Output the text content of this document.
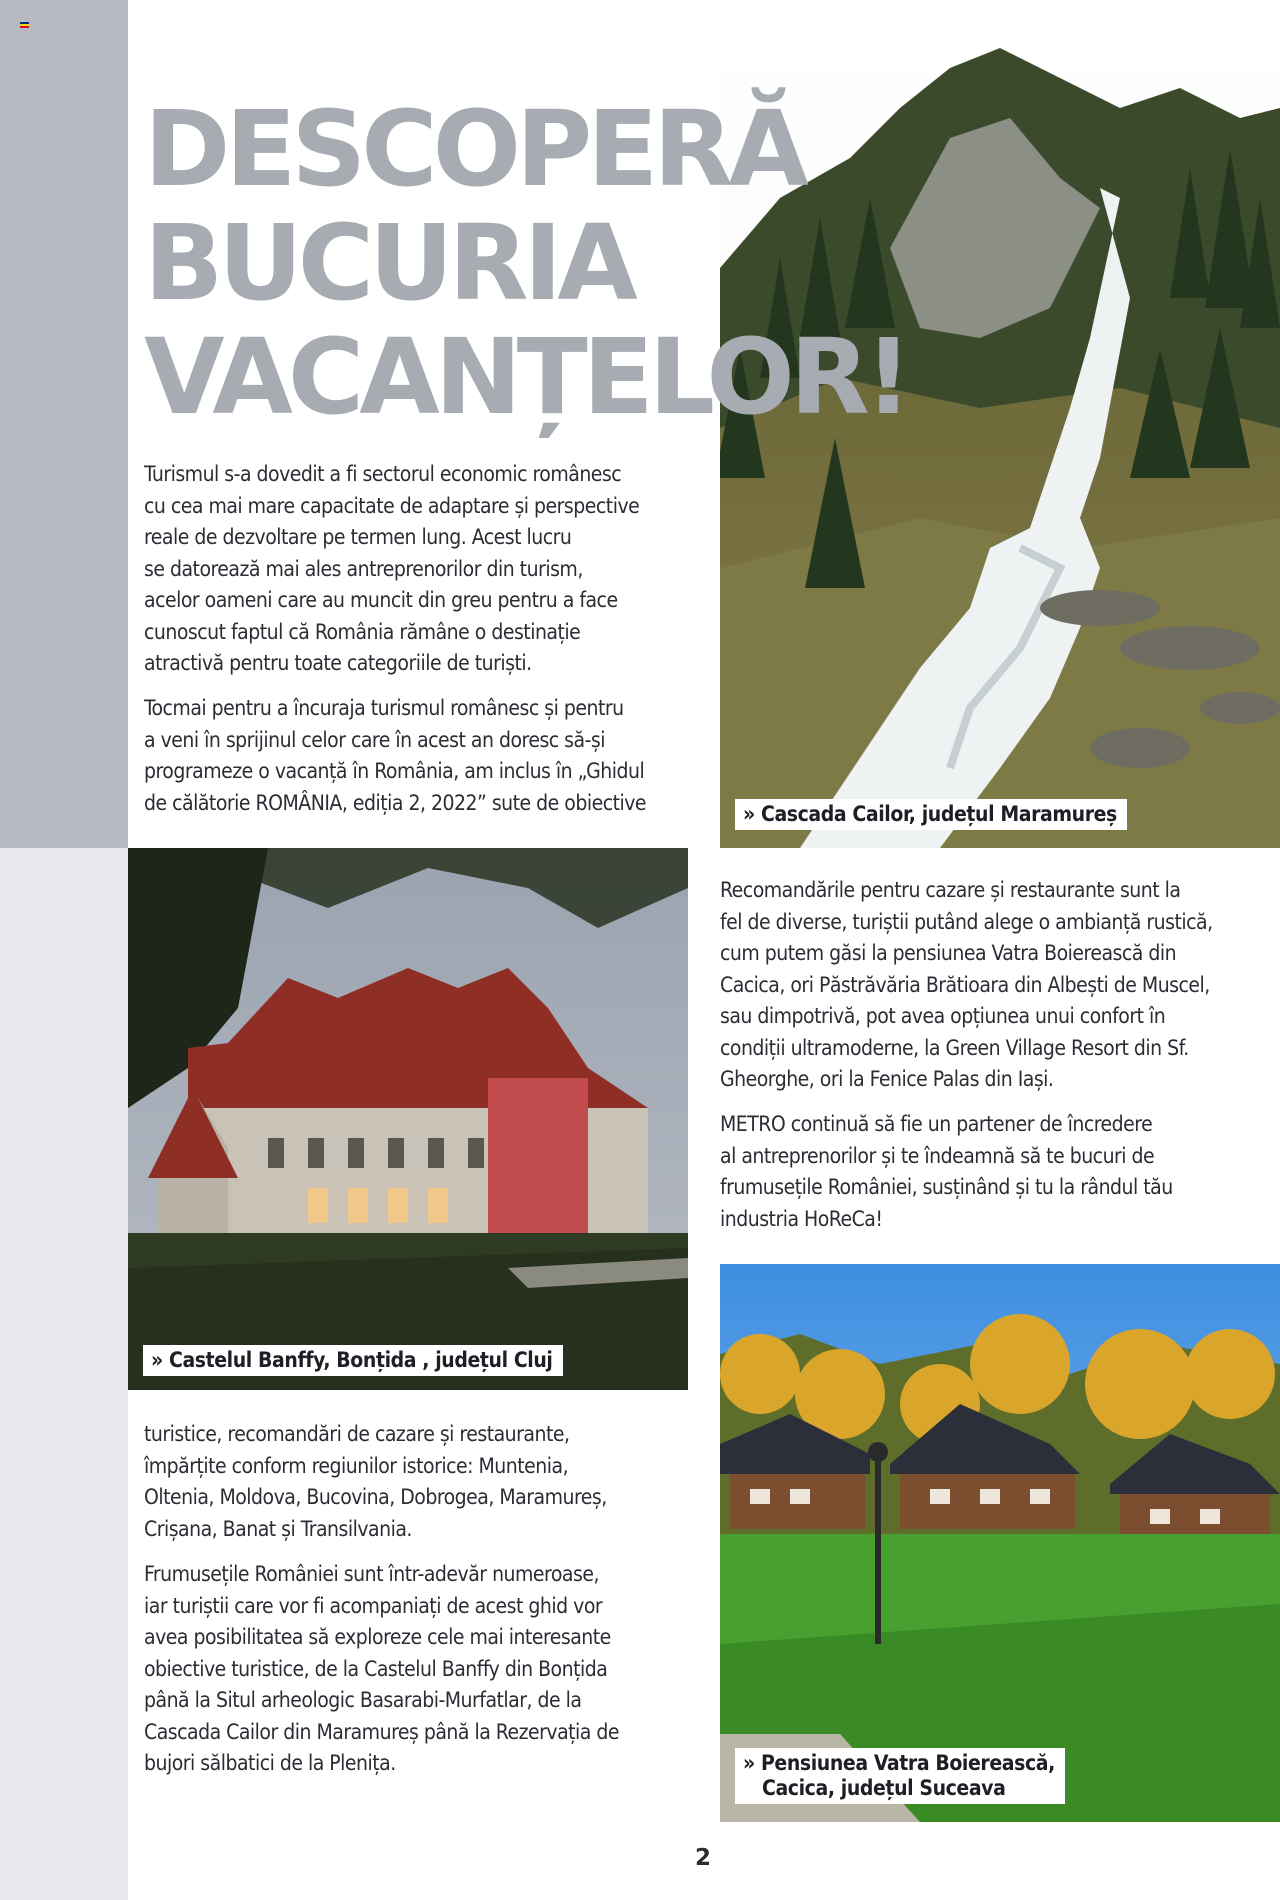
DESCOPERĂ
BUCURIA
VACANȚELOR!
» Cascada Cailor, județul Maramureș
» Castelul Banffy, Bonțida , județul Cluj
» Pensiunea Vatra Boierească,
Cacica, județul Suceava
Turismul s-a dovedit a fi sectorul economic românesc
cu cea mai mare capacitate de adaptare și perspective
reale de dezvoltare pe termen lung. Acest lucru
se datorează mai ales antreprenorilor din turism,
acelor oameni care au muncit din greu pentru a face
cunoscut faptul că România rămâne o destinație
atractivă pentru toate categoriile de turiști.
Tocmai pentru a încuraja turismul românesc și pentru
a veni în sprijinul celor care în acest an doresc să-și
programeze o vacanță în România, am inclus în „Ghidul
de călătorie ROMÂNIA, ediția 2, 2022” sute de obiective
turistice, recomandări de cazare și restaurante,
împărțite conform regiunilor istorice: Muntenia,
Oltenia, Moldova, Bucovina, Dobrogea, Maramureș,
Crișana, Banat și Transilvania.
Frumusețile României sunt într-adevăr numeroase,
iar turiștii care vor fi acompaniați de acest ghid vor
avea posibilitatea să exploreze cele mai interesante
obiective turistice, de la Castelul Banffy din Bonțida
până la Situl arheologic Basarabi-Murfatlar, de la
Cascada Cailor din Maramureș până la Rezervația de
bujori sălbatici de la Plenița.
Recomandările pentru cazare și restaurante sunt la
fel de diverse, turiștii putând alege o ambianță rustică,
cum putem găsi la pensiunea Vatra Boierească din
Cacica, ori Păstrăvăria Brătioara din Albești de Muscel,
sau dimpotrivă, pot avea opțiunea unui confort în
condiții ultramoderne, la Green Village Resort din Sf.
Gheorghe, ori la Fenice Palas din Iași.
METRO continuă să fie un partener de încredere
al antreprenorilor și te îndeamnă să te bucuri de
frumusețile României, susținând și tu la rândul tău
industria HoReCa!
2
